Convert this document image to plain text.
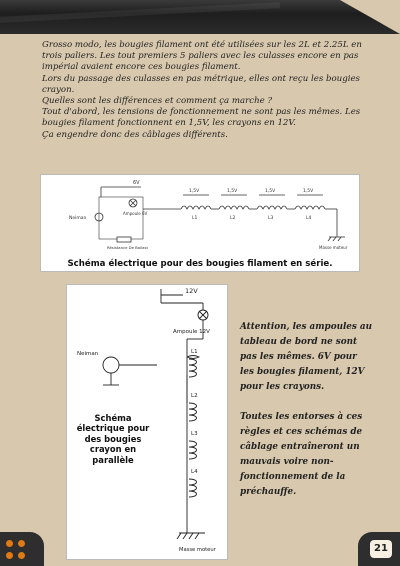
Grosso modo, les bougies filament ont été utilisées sur les 2L et 2.25L en trois paliers. Les tout premiers 5 paliers avec les culasses encore en pas impérial avaient encore ces bougies filament.

Lors du passage des culasses en pas métrique, elles ont reçu les bougies crayon.

Quelles sont les différences et comment ça marche ?

Tout d'abord, les tensions de fonctionnement ne sont pas les mêmes. Les bougies filament fonctionnent en 1,5V, les crayons en 12V.

Ça engendre donc des câblages différents.

6V
Ampoule 6V
Neiman
Résistance De Ballast	Masse moteur
1,5V	1,5V	1,5V	1,5V
L1	L2	L3	L4
Schéma électrique pour des bougies filament en série.
12V
Ampoule 12V
Neiman	L1
L2
L3
L4
Masse moteur
Schéma électrique pour des bougies crayon en parallèle

Attention, les ampoules au tableau de bord ne sont pas les mêmes. 6V pour les bougies filament, 12V pour les crayons.

Toutes les entorses à ces règles et ces schémas de câblage entraîneront un mauvais voire non-fonctionnement de la préchauffe.

21
